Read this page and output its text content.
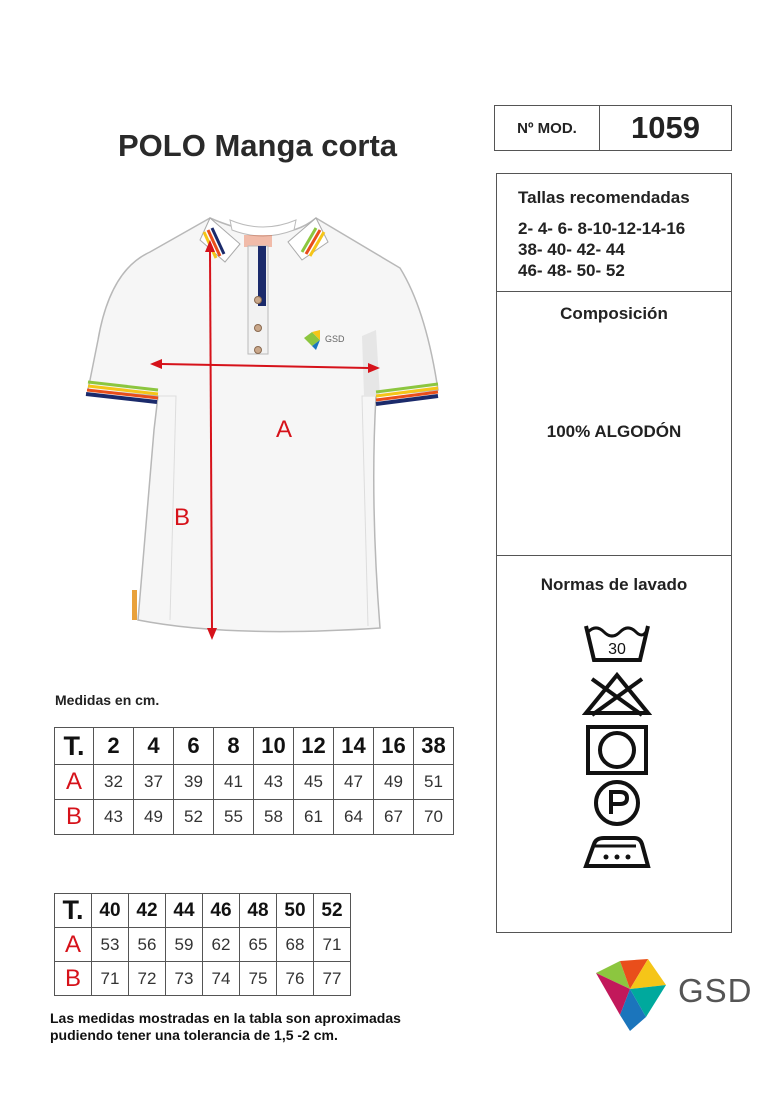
POLO Manga corta	Nº MOD.	1059
GSD
A
B
Tallas recomendadas
2- 4- 6- 8-10-12-14-16
38- 40- 42- 44
46- 48- 50- 52
Composición
100% ALGODÓN
Normas de lavado
30
Medidas en cm.
T.	2	4	6	8	10	12	14	16	38
A	32	37	39	41	43	45	47	49	51
B	43	49	52	55	58	61	64	67	70
T.	40	42	44	46	48	50	52
A	53	56	59	62	65	68	71
B	71	72	73	74	75	76	77
Las medidas mostradas en la tabla son aproximadas pudiendo tener una tolerancia de 1,5 -2 cm.
GSD
